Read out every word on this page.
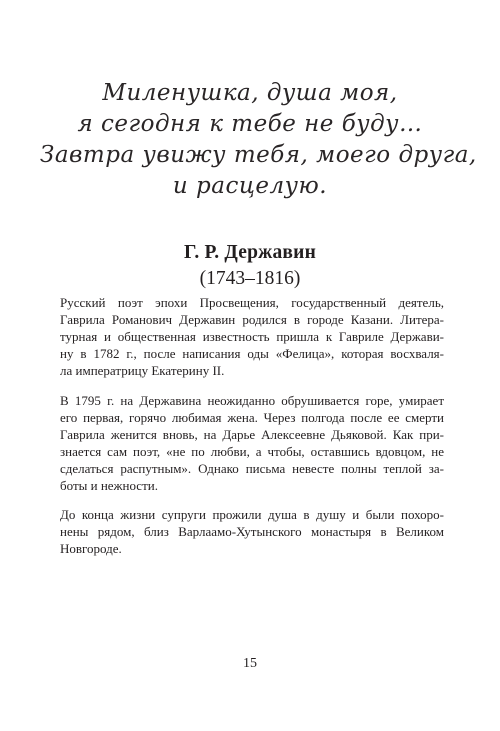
Миленушка, душа моя,
я сегодня к тебе не буду…
Завтра увижу тебя, моего друга,
и расцелую.
Г. Р. Державин
(1743–1816)
Русский поэт эпохи Просвещения, государственный деятель,
Гаврила Романович Державин родился в городе Казани. Литера-
турная и общественная известность пришла к Гавриле Держави-
ну в 1782 г., после написания оды «Фелица», которая восхваля-
ла императрицу Екатерину II.
В 1795 г. на Державина неожиданно обрушивается горе, умирает
его первая, горячо любимая жена. Через полгода после ее смерти
Гаврила женится вновь, на Дарье Алексеевне Дьяковой. Как при-
знается сам поэт, «не по любви, а чтобы, оставшись вдовцом, не
сделаться распутным». Однако письма невесте полны теплой за-
боты и нежности.
До конца жизни супруги прожили душа в душу и были похоро-
нены рядом, близ Варлаамо-Хутынского монастыря в Великом
Новгороде.
15
